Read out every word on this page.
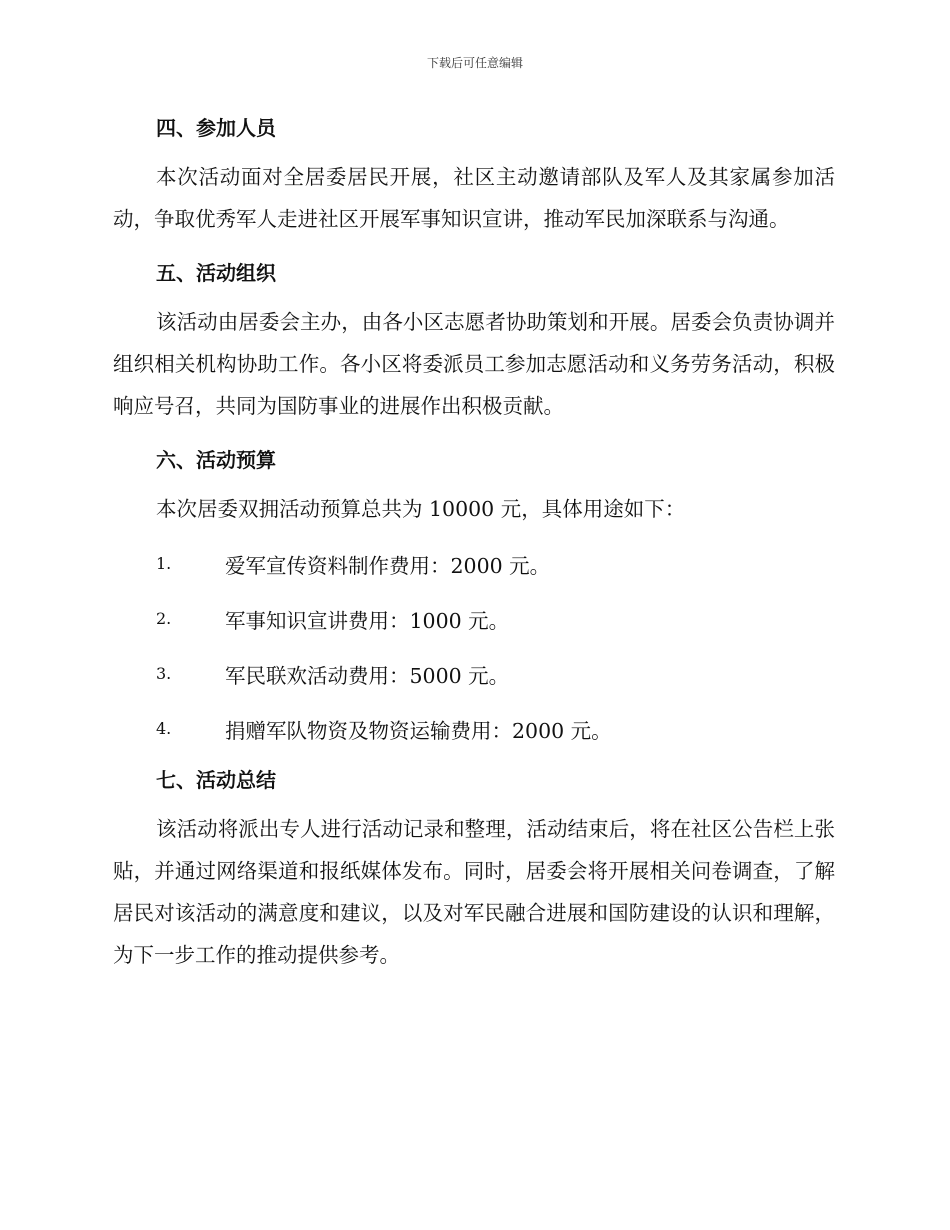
下载后可任意编辑
四、参加人员

本次活动面对全居委居民开展，社区主动邀请部队及军人及其家属参加活动，争取优秀军人走进社区开展军事知识宣讲，推动军民加深联系与沟通。

五、活动组织

该活动由居委会主办，由各小区志愿者协助策划和开展。居委会负责协调并组织相关机构协助工作。各小区将委派员工参加志愿活动和义务劳务活动，积极响应号召，共同为国防事业的进展作出积极贡献。

六、活动预算

本次居委双拥活动预算总共为 10000 元，具体用途如下：

1.	爱军宣传资料制作费用：2000 元。
2.	军事知识宣讲费用：1000 元。
3.	军民联欢活动费用：5000 元。
4.	捐赠军队物资及物资运输费用：2000 元。
七、活动总结

该活动将派出专人进行活动记录和整理，活动结束后，将在社区公告栏上张贴，并通过网络渠道和报纸媒体发布。同时，居委会将开展相关问卷调查，了解居民对该活动的满意度和建议，以及对军民融合进展和国防建设的认识和理解，为下一步工作的推动提供参考。
